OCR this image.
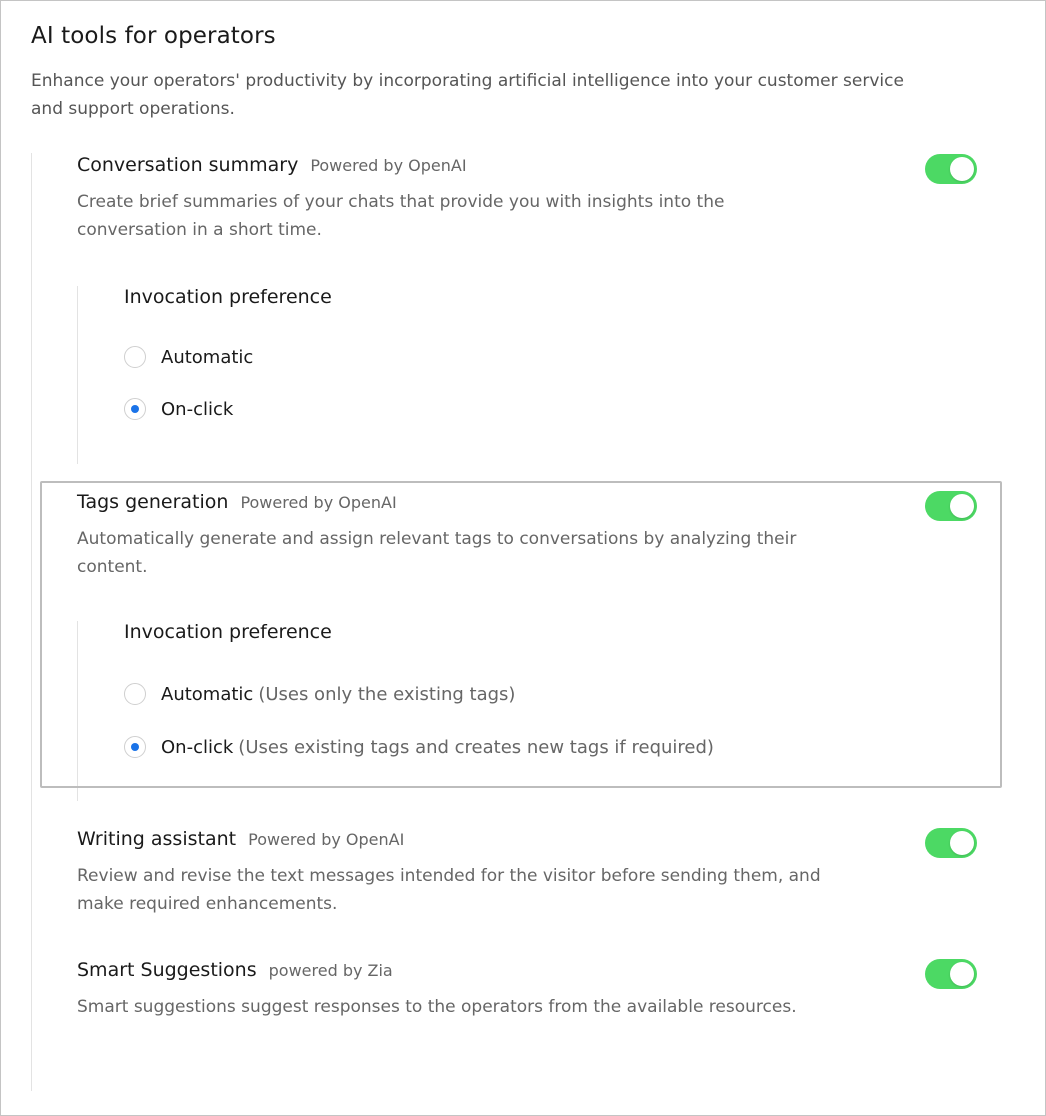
AI tools for operators
Enhance your operators' productivity by incorporating artificial intelligence into your customer service and support operations.
Conversation summary Powered by OpenAI
Create brief summaries of your chats that provide you with insights into the conversation in a short time.
Invocation preference
Automatic
On-click
Tags generation Powered by OpenAI
Automatically generate and assign relevant tags to conversations by analyzing their content.
Invocation preference
Automatic (Uses only the existing tags)
On-click (Uses existing tags and creates new tags if required)
Writing assistant Powered by OpenAI
Review and revise the text messages intended for the visitor before sending them, and make required enhancements.
Smart Suggestions powered by Zia
Smart suggestions suggest responses to the operators from the available resources.
